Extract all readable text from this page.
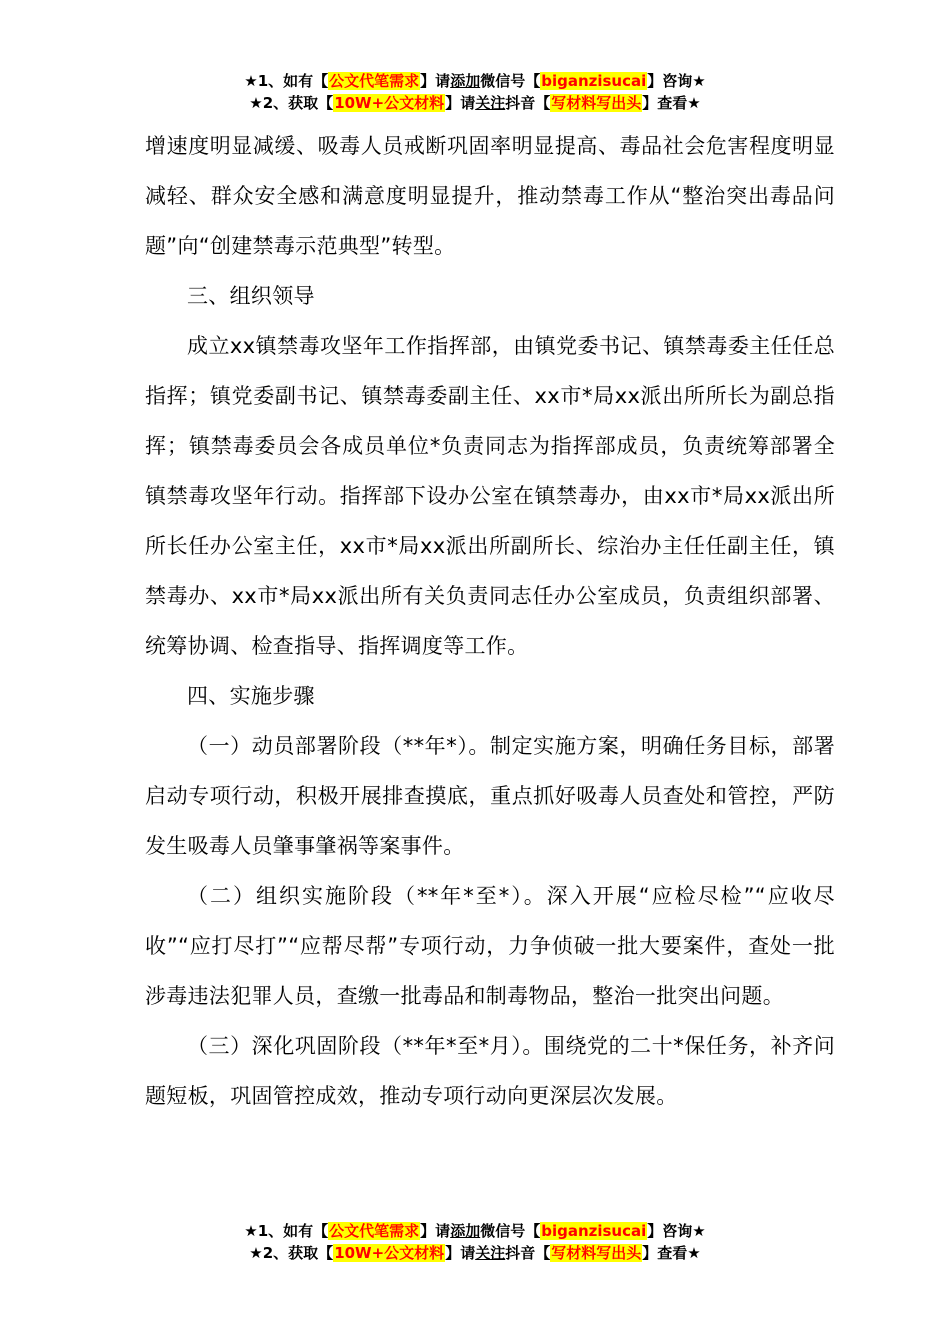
★1、如有【公文代笔需求】请添加微信号【biganzisucai】咨询★
★2、获取【10W+公文材料】请关注抖音【写材料写出头】查看★

增速度明显减缓、吸毒人员戒断巩固率明显提高、毒品社会危害程度明显减轻、群众安全感和满意度明显提升，推动禁毒工作从“整治突出毒品问题”向“创建禁毒示范典型”转型。

三、组织领导

成立xx镇禁毒攻坚年工作指挥部，由镇党委书记、镇禁毒委主任任总指挥；镇党委副书记、镇禁毒委副主任、xx市*局xx派出所所长为副总指挥；镇禁毒委员会各成员单位*负责同志为指挥部成员，负责统筹部署全镇禁毒攻坚年行动。指挥部下设办公室在镇禁毒办，由xx市*局xx派出所所长任办公室主任，xx市*局xx派出所副所长、综治办主任任副主任，镇禁毒办、xx市*局xx派出所有关负责同志任办公室成员，负责组织部署、统筹协调、检查指导、指挥调度等工作。

四、实施步骤

（一）动员部署阶段（**年*）。制定实施方案，明确任务目标，部署启动专项行动，积极开展排查摸底，重点抓好吸毒人员查处和管控，严防发生吸毒人员肇事肇祸等案事件。

（二）组织实施阶段（**年*至*）。深入开展“应检尽检”“应收尽收”“应打尽打”“应帮尽帮”专项行动，力争侦破一批大要案件，查处一批涉毒违法犯罪人员，查缴一批毒品和制毒物品，整治一批突出问题。

（三）深化巩固阶段（**年*至*月）。围绕党的二十*保任务，补齐问题短板，巩固管控成效，推动专项行动向更深层次发展。

★1、如有【公文代笔需求】请添加微信号【biganzisucai】咨询★
★2、获取【10W+公文材料】请关注抖音【写材料写出头】查看★
